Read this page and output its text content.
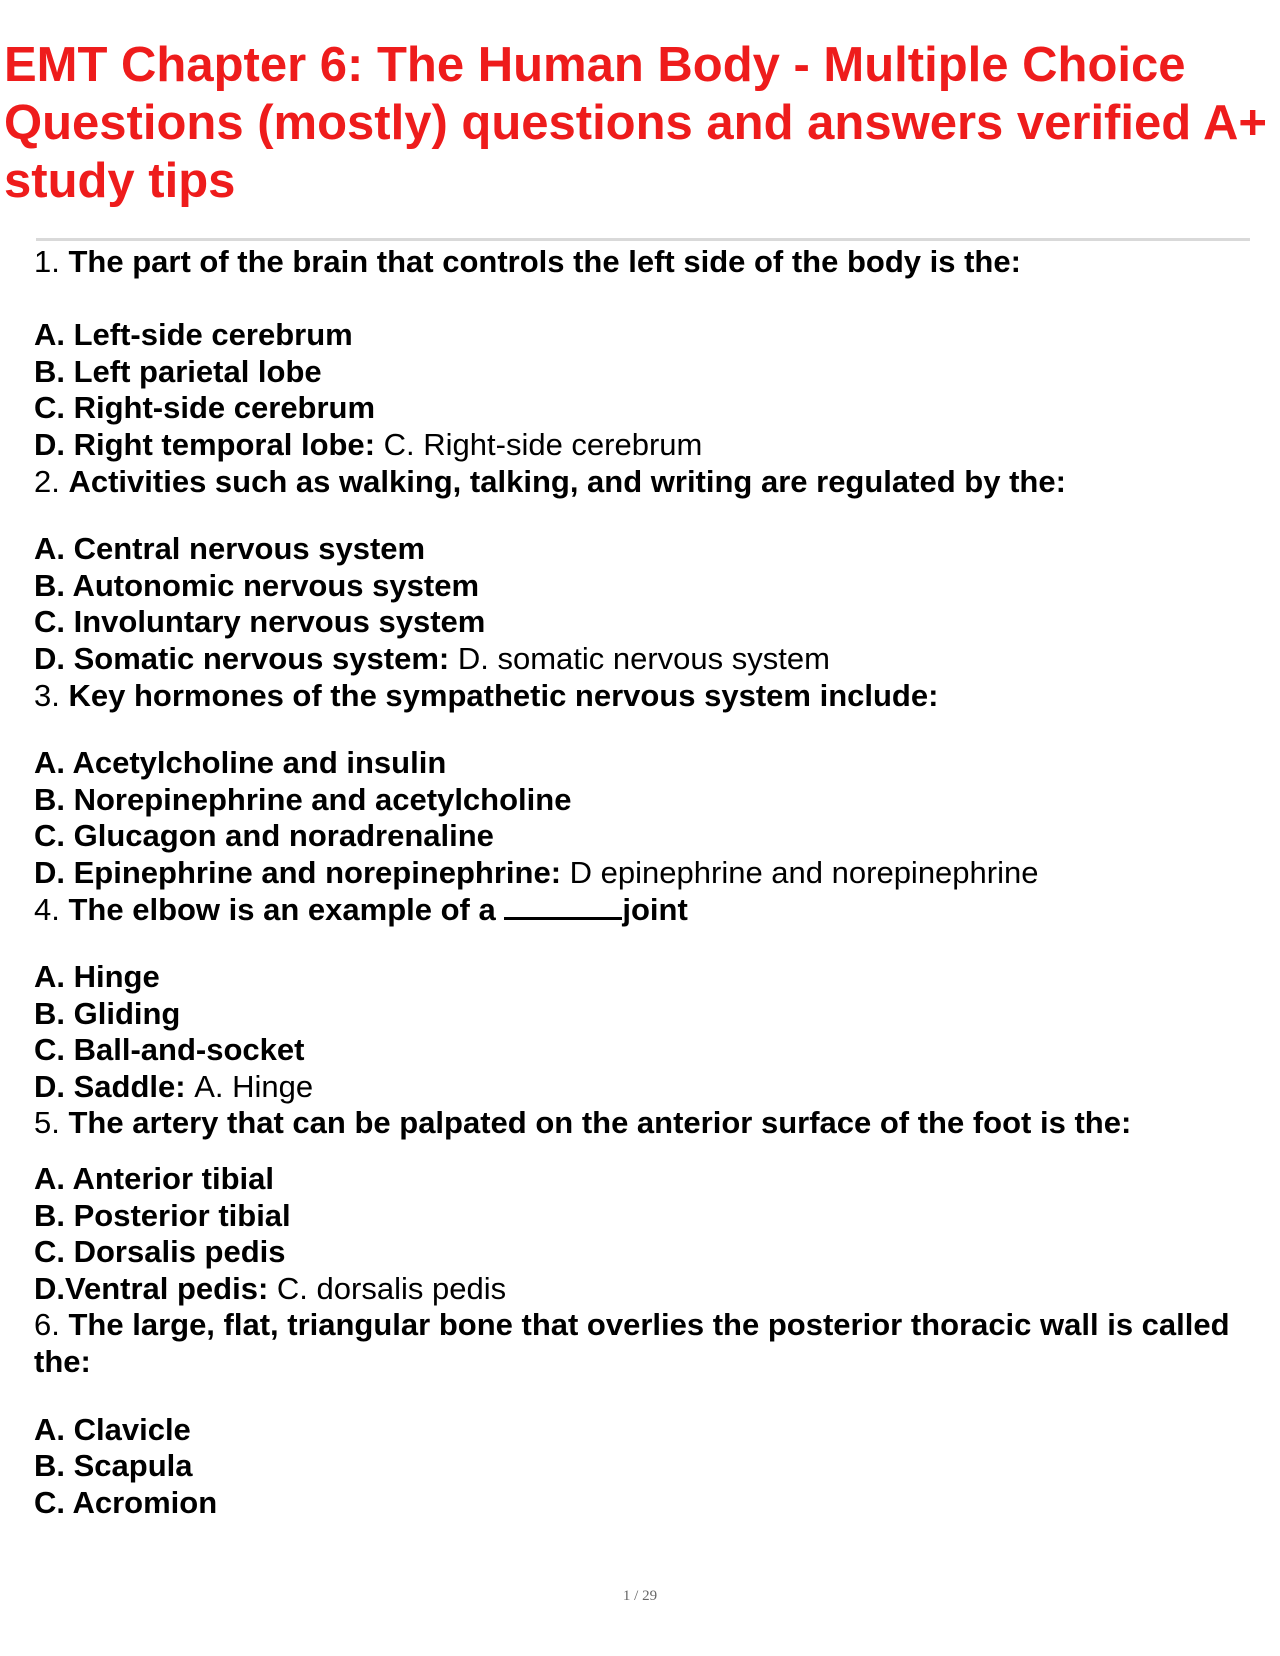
EMT Chapter 6: The Human Body - Multiple Choice Questions (mostly) questions and answers verified A+ study tips

1. The part of the brain that controls the left side of the body is the:

A. Left-side cerebrum

B. Left parietal lobe

C. Right-side cerebrum

D. Right temporal lobe: C. Right-side cerebrum

2. Activities such as walking, talking, and writing are regulated by the:

A. Central nervous system

B. Autonomic nervous system

C. Involuntary nervous system

D. Somatic nervous system: D. somatic nervous system

3. Key hormones of the sympathetic nervous system include:

A. Acetylcholine and insulin

B. Norepinephrine and acetylcholine

C. Glucagon and noradrenaline

D. Epinephrine and norepinephrine: D epinephrine and norepinephrine

4. The elbow is an example of a	joint

A. Hinge

B. Gliding

C. Ball-and-socket

D. Saddle: A. Hinge

5. The artery that can be palpated on the anterior surface of the foot is the:

A. Anterior tibial

B. Posterior tibial

C. Dorsalis pedis

D.Ventral pedis: C. dorsalis pedis

6. The large, flat, triangular bone that overlies the posterior thoracic wall is called the:

A. Clavicle

B. Scapula

C. Acromion

1 / 29
